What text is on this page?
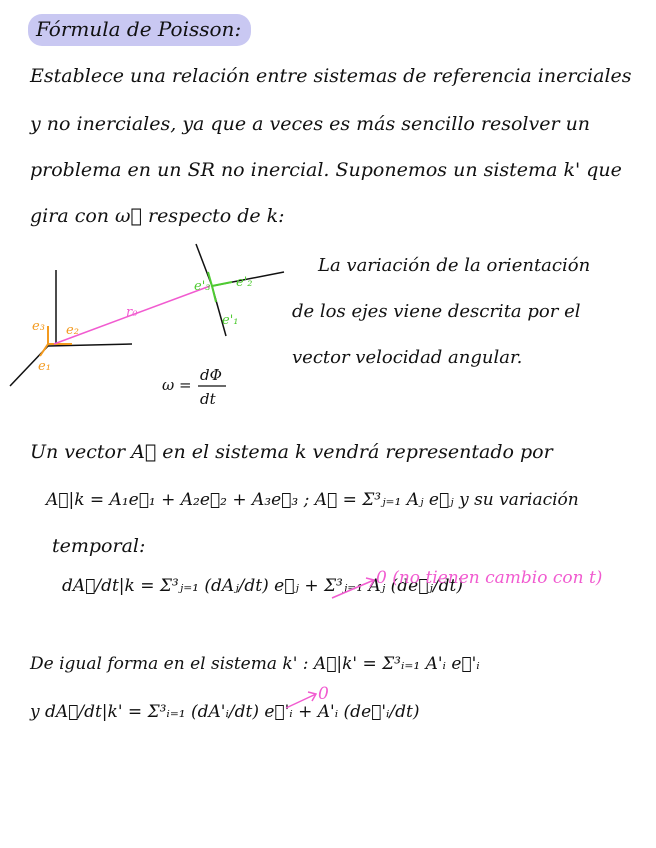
Fórmula de Poisson:
Establece una relación entre sistemas de referencia inerciales
y no inerciales, ya que a veces es más sencillo resolver un
problema en un SR no inercial. Suponemos un sistema k' que
gira con ω⃗ respecto de k:
La variación de la orientación
de los ejes viene descrita por el
vector velocidad angular.
e₃ e₂
e₁
r₀
e'₃ e'₂
e'₁
ω =
dΦ
dt
Un vector A⃗ en el sistema k vendrá representado por
A⃗|k = A₁e⃗₁ + A₂e⃗₂ + A₃e⃗₃ ; A⃗ = Σ³ⱼ₌₁ Aⱼ e⃗ⱼ y su variación
temporal:
dA⃗/dt|k = Σ³ⱼ₌₁ (dAⱼ/dt) e⃗ⱼ + Σ³ⱼ₌₁ Aⱼ (de⃗ⱼ/dt)
0 (no tienen cambio con t)
De igual forma en el sistema k' : A⃗|k' = Σ³ᵢ₌₁ A'ᵢ e⃗'ᵢ
y dA⃗/dt|k' = Σ³ᵢ₌₁ (dA'ᵢ/dt) e⃗'ᵢ + A'ᵢ (de⃗'ᵢ/dt)
0
